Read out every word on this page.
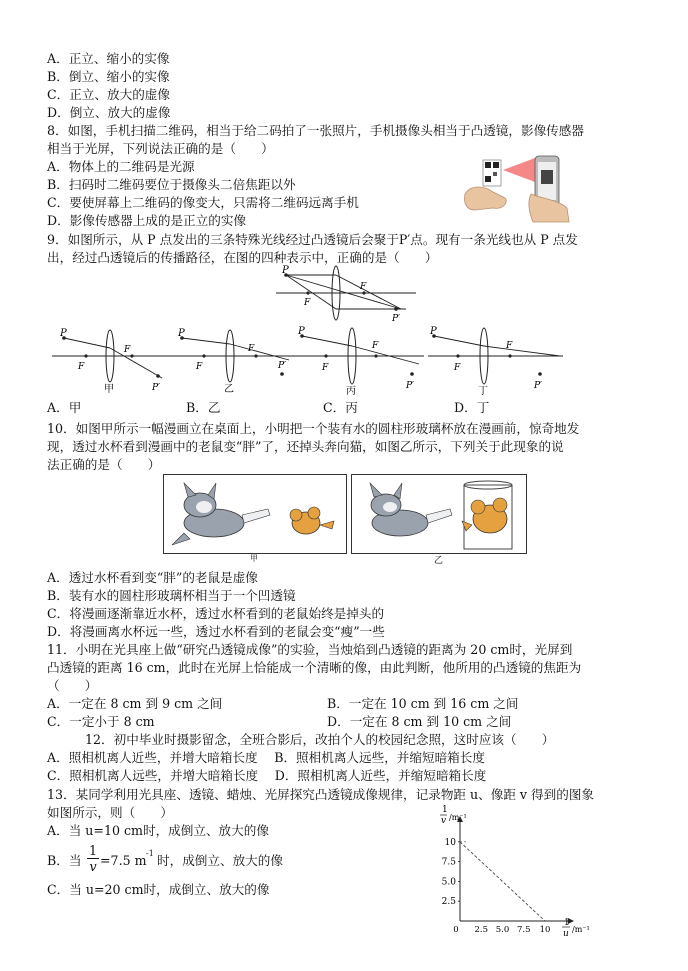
A．正立、缩小的实像
B．倒立、缩小的实像
C．正立、放大的虚像
D．倒立、放大的虚像
8．如图，手机扫描二维码，相当于给二码拍了一张照片，手机摄像头相当于凸透镜，影像传感器
相当于光屏，下列说法正确的是（　　）
A．物体上的二维码是光源
B．扫码时二维码要位于摄像头二倍焦距以外
C．要使屏幕上二维码的像变大，只需将二维码远离手机
D．影像传感器上成的是正立的实像
9．如图所示，从 P 点发出的三条特殊光线经过凸透镜后会聚于P′点。现有一条光线也从 P 点发
出，经过凸透镜后的传播路径，在图的四种表示中，正确的是（　　）
A．甲	B．乙	C．丙	D．丁
10．如图甲所示一幅漫画立在桌面上，小明把一个装有水的圆柱形玻璃杯放在漫画前，惊奇地发
现，透过水杯看到漫画中的老鼠变“胖”了，还掉头奔向猫，如图乙所示，下列关于此现象的说
法正确的是（　　）
A．透过水杯看到变“胖”的老鼠是虚像
B．装有水的圆柱形玻璃杯相当于一个凹透镜
C．将漫画逐渐靠近水杯，透过水杯看到的老鼠始终是掉头的
D．将漫画离水杯远一些，透过水杯看到的老鼠会变“瘦”一些
11．小明在光具座上做“研究凸透镜成像”的实验，当烛焰到凸透镜的距离为 20 cm时，光屏到
凸透镜的距离 16 cm，此时在光屏上恰能成一个清晰的像，由此判断，他所用的凸透镜的焦距为
（　　）
A．一定在 8 cm 到 9 cm 之间	B．一定在 10 cm 到 16 cm 之间
C．一定小于 8 cm	D．一定在 8 cm 到 10 cm 之间
12．初中毕业时摄影留念，全班合影后，改拍个人的校园纪念照，这时应该（　　）
A．照相机离人近些，并增大暗箱长度　 B．照相机离人远些，并缩短暗箱长度
C．照相机离人远些，并增大暗箱长度　 D．照相机离人近些，并缩短暗箱长度
13．某同学利用光具座、透镜、蜡烛、光屏探究凸透镜成像规律，记录物距 u、像距 v 得到的图象
如图所示，则（　　）
A．当 u=10 cm时，成倒立、放大的像
B．当 =7.5 m -1 时，成倒立、放大的像
C．当 u=20 cm时，成倒立、放大的像
P
F
F
P′
P
F
F
P′
甲
P
F
F
P′
乙
P
F
F
P′
丙
P
F
F
P′
丁
甲	乙
$\frac{1}{v}$
2.5
5.0
7.5
10
0 2.5 5.0 7.5 10
1
v /m⁻¹
1
u /m⁻¹
